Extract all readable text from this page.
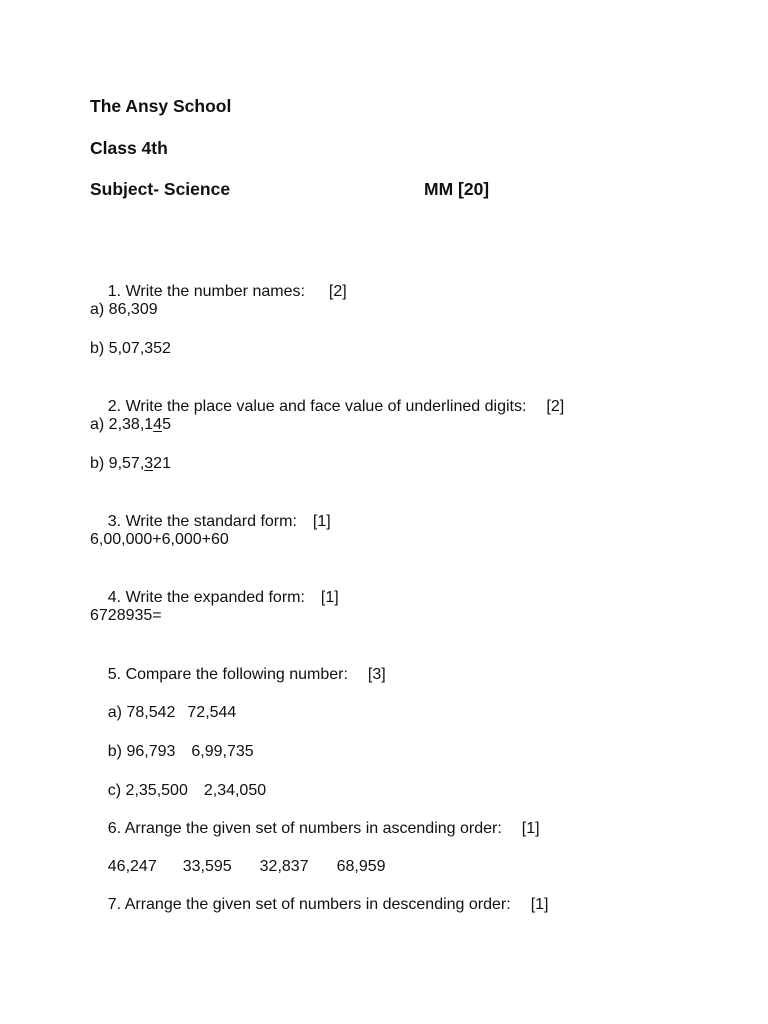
The Ansy School
Class 4th
Subject- Science	MM [20]

1. Write the number names: [2]

a) 86,309
b) 5,07,352

2. Write the place value and face value of underlined digits: [2]

a) 2,38,145
b) 9,57,321

3. Write the standard form: [1]

6,00,000+6,000+60

4. Write the expanded form: [1]

6728935=

5. Compare the following number: [3]

a) 78,542 72,544

b) 96,793 6,99,735

c) 2,35,500 2,34,050

6. Arrange the given set of numbers in ascending order: [1]

46,247 33,595 32,837 68,959

7. Arrange the given set of numbers in descending order: [1]
